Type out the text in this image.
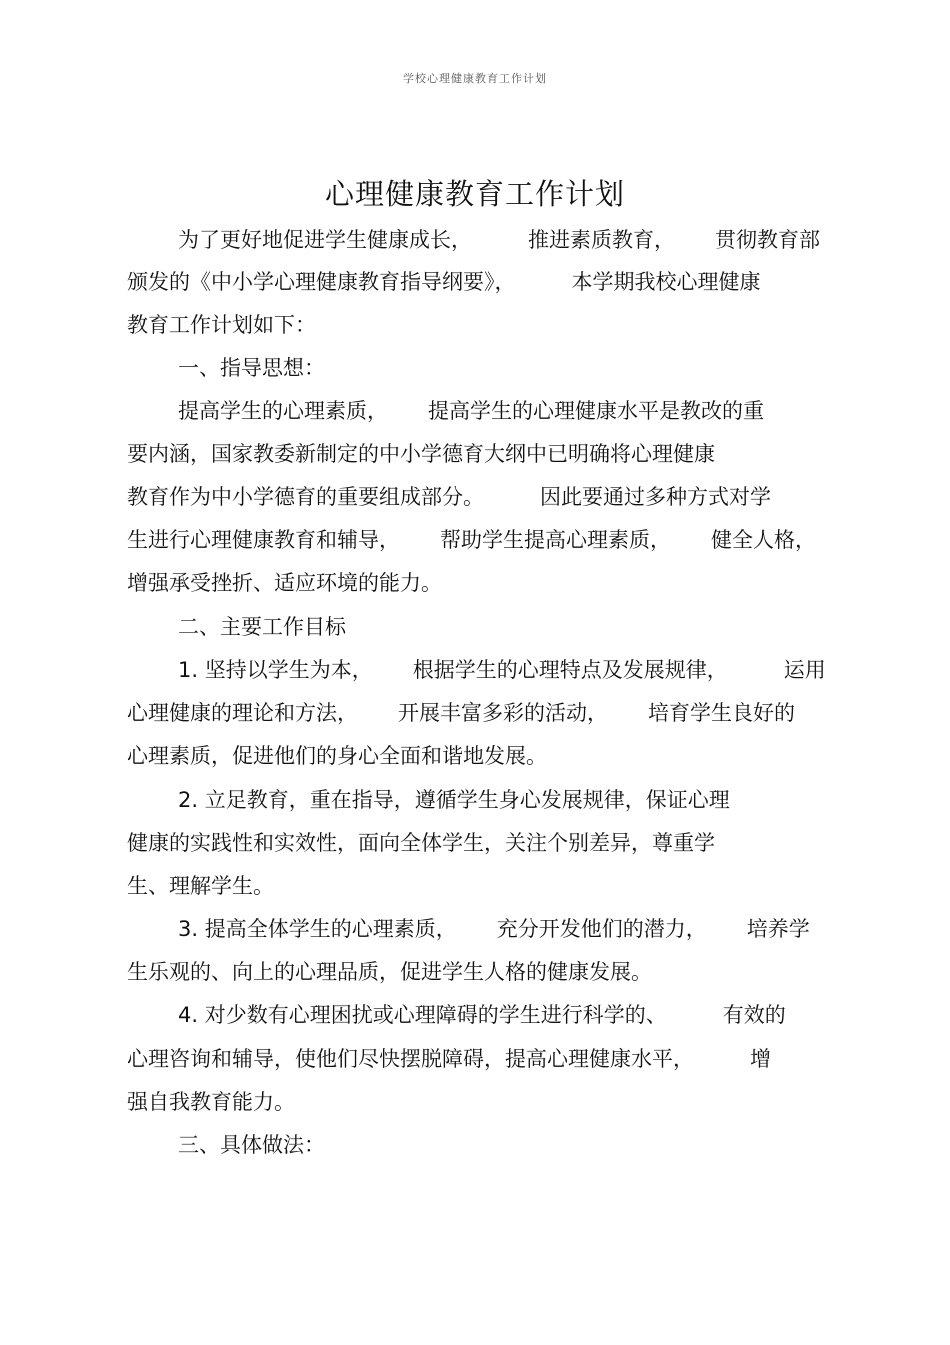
学校心理健康教育工作计划
心理健康教育工作计划
为了更好地促进学生健康成长，	推进素质教育， 贯彻教育部
颁发的《中小学心理健康教育指导纲要》，	本学期我校心理健康
教育工作计划如下：
一、指导思想：
提高学生的心理素质， 提高学生的心理健康水平是教改的重
要内涵，国家教委新制定的中小学德育大纲中已明确将心理健康
教育作为中小学德育的重要组成部分。	因此要通过多种方式对学
生进行心理健康教育和辅导， 帮助学生提高心理素质， 健全人格，
增强承受挫折、适应环境的能力。
二、主要工作目标
1. 坚持以学生为本， 根据学生的心理特点及发展规律，	运用
心理健康的理论和方法， 开展丰富多彩的活动， 培育学生良好的
心理素质，促进他们的身心全面和谐地发展。
2. 立足教育，重在指导，遵循学生身心发展规律，保证心理
健康的实践性和实效性，面向全体学生，关注个别差异，尊重学
生、理解学生。
3. 提高全体学生的心理素质， 充分开发他们的潜力， 培养学
生乐观的、向上的心理品质，促进学生人格的健康发展。
4. 对少数有心理困扰或心理障碍的学生进行科学的、	有效的
心理咨询和辅导，使他们尽快摆脱障碍，提高心理健康水平，	增
强自我教育能力。
三、具体做法：
